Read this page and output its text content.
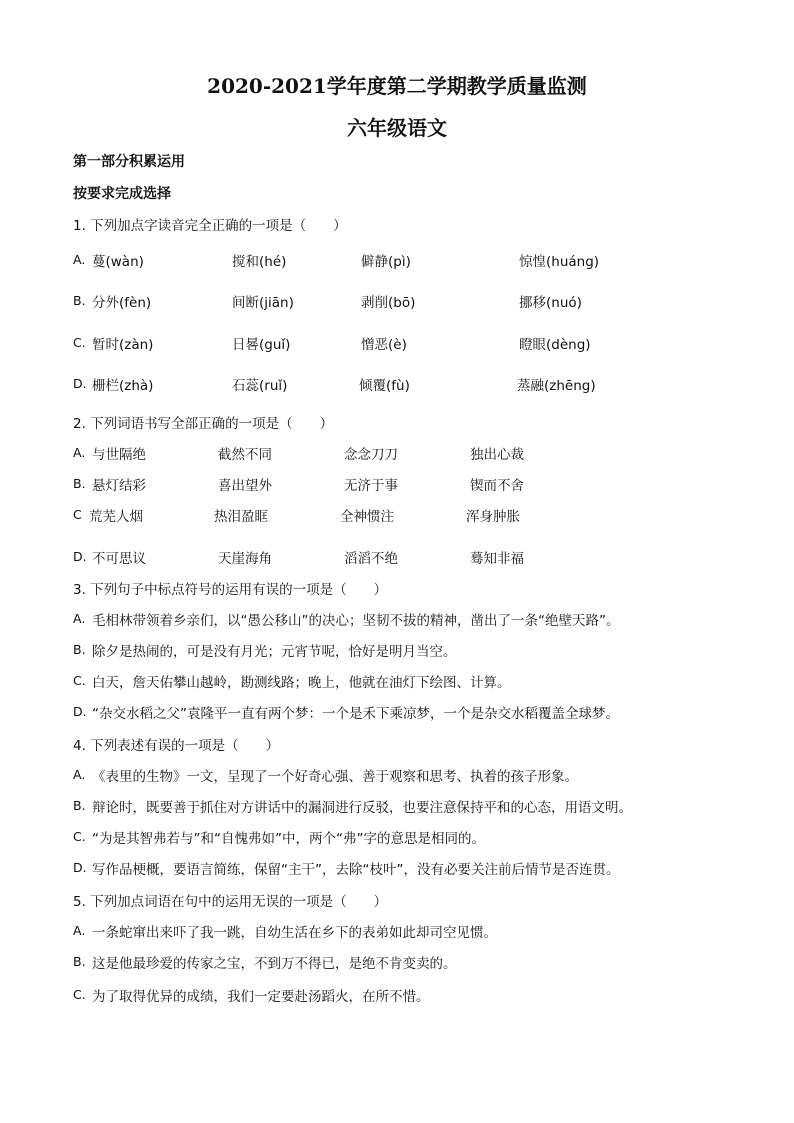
2020-2021学年度第二学期教学质量监测
六年级语文
第一部分积累运用
按要求完成选择
1. 下列加点字读音完全正确的一项是（　　）
A. 蔓(wàn)	搅和(hé)	僻静(pì)	惊惶(huáng)
B. 分外(fèn)	间断(jiān)	剥削(bō)	挪移(nuó)
C. 暂时(zàn)	日晷(guǐ)	憎恶(è)	瞪眼(dèng)
D. 栅栏(zhà)	石蕊(ruǐ)	倾覆(fù)	蒸融(zhēng)
2. 下列词语书写全部正确的一项是（　　）
A. 与世隔绝	截然不同	念念刀刀	独出心裁
B. 悬灯结彩	喜出望外	无济于事	锲而不舍
C 荒芜人烟	热泪盈眶	全神惯注	浑身肿胀
D. 不可思议	天崖海角	滔滔不绝	蓦知非福
3. 下列句子中标点符号的运用有误的一项是（　　）
A. 毛相林带领着乡亲们，以“愚公移山”的决心；坚韧不拔的精神，凿出了一条“绝壁天路”。
B. 除夕是热闹的，可是没有月光；元宵节呢，恰好是明月当空。
C. 白天，詹天佑攀山越岭，勘测线路；晚上，他就在油灯下绘图、计算。
D. “杂交水稻之父”袁隆平一直有两个梦：一个是禾下乘凉梦，一个是杂交水稻覆盖全球梦。
4. 下列表述有误的一项是（　　）
A. 《表里的生物》一文，呈现了一个好奇心强、善于观察和思考、执着的孩子形象。
B. 辩论时，既要善于抓住对方讲话中的漏洞进行反驳，也要注意保持平和的心态，用语文明。
C. “为是其智弗若与”和“自愧弗如”中，两个“弗”字的意思是相同的。
D. 写作品梗概，要语言简练，保留“主干”，去除“枝叶”，没有必要关注前后情节是否连贯。
5. 下列加点词语在句中的运用无误的一项是（　　）
A. 一条蛇窜出来吓了我一跳，自幼生活在乡下的表弟如此却司空见惯。
B. 这是他最珍爱的传家之宝，不到万不得已，是绝不肯变卖的。
C. 为了取得优异的成绩，我们一定要赴汤蹈火，在所不惜。
